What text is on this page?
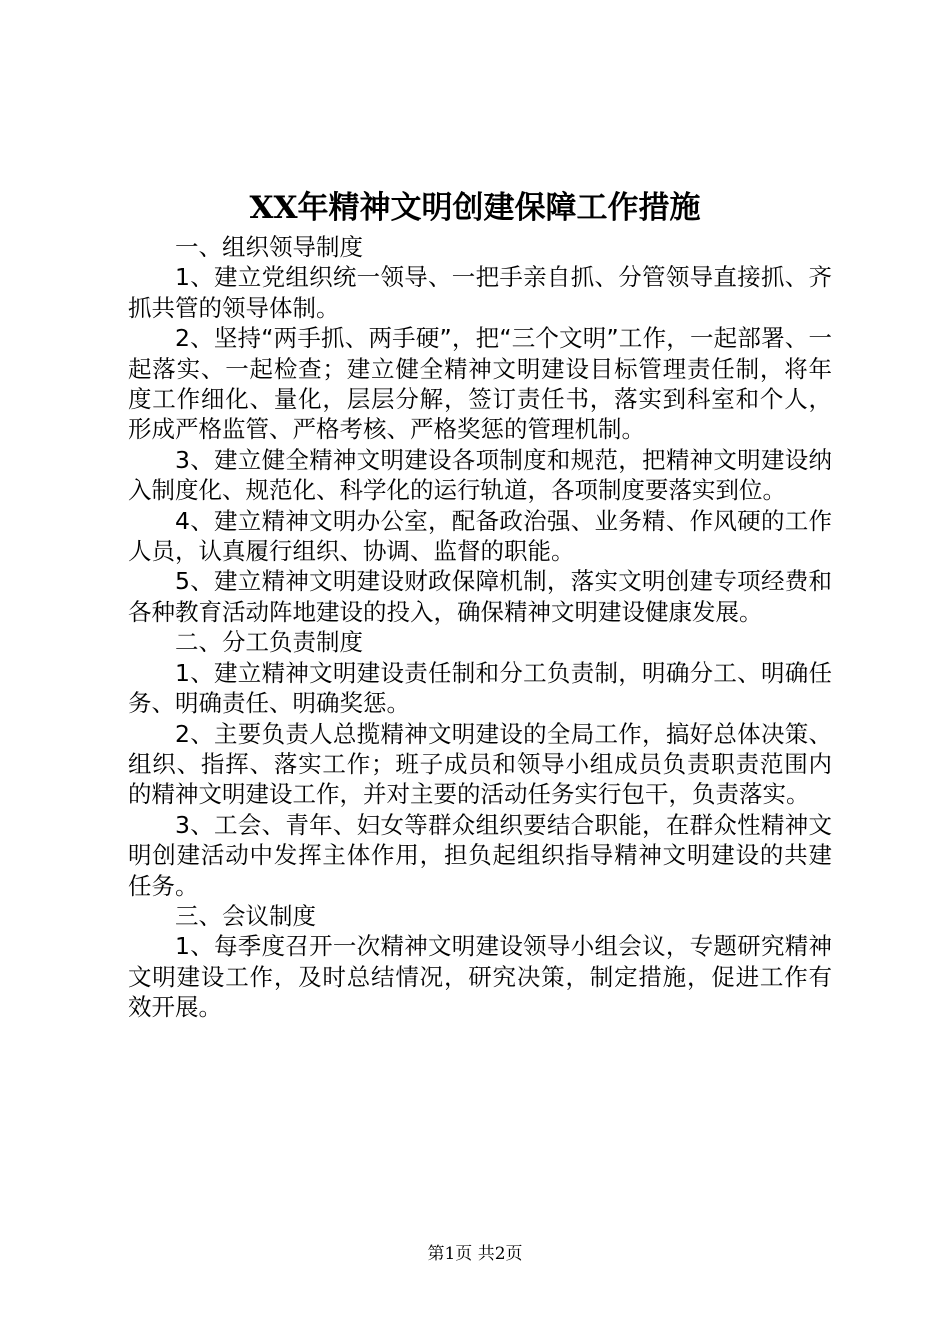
XX年精神文明创建保障工作措施

一、组织领导制度

1、建立党组织统一领导、一把手亲自抓、分管领导直接抓、齐抓共管的领导体制。

2、坚持“两手抓、两手硬”，把“三个文明”工作，一起部署、一起落实、一起检查；建立健全精神文明建设目标管理责任制，将年度工作细化、量化，层层分解，签订责任书，落实到科室和个人，形成严格监管、严格考核、严格奖惩的管理机制。

3、建立健全精神文明建设各项制度和规范，把精神文明建设纳入制度化、规范化、科学化的运行轨道，各项制度要落实到位。

4、建立精神文明办公室，配备政治强、业务精、作风硬的工作人员，认真履行组织、协调、监督的职能。

5、建立精神文明建设财政保障机制，落实文明创建专项经费和各种教育活动阵地建设的投入，确保精神文明建设健康发展。

二、分工负责制度

1、建立精神文明建设责任制和分工负责制，明确分工、明确任务、明确责任、明确奖惩。

2、主要负责人总揽精神文明建设的全局工作，搞好总体决策、组织、指挥、落实工作；班子成员和领导小组成员负责职责范围内的精神文明建设工作，并对主要的活动任务实行包干，负责落实。

3、工会、青年、妇女等群众组织要结合职能，在群众性精神文明创建活动中发挥主体作用，担负起组织指导精神文明建设的共建任务。

三、会议制度

1、每季度召开一次精神文明建设领导小组会议，专题研究精神文明建设工作，及时总结情况，研究决策，制定措施，促进工作有效开展。

第1页 共2页
